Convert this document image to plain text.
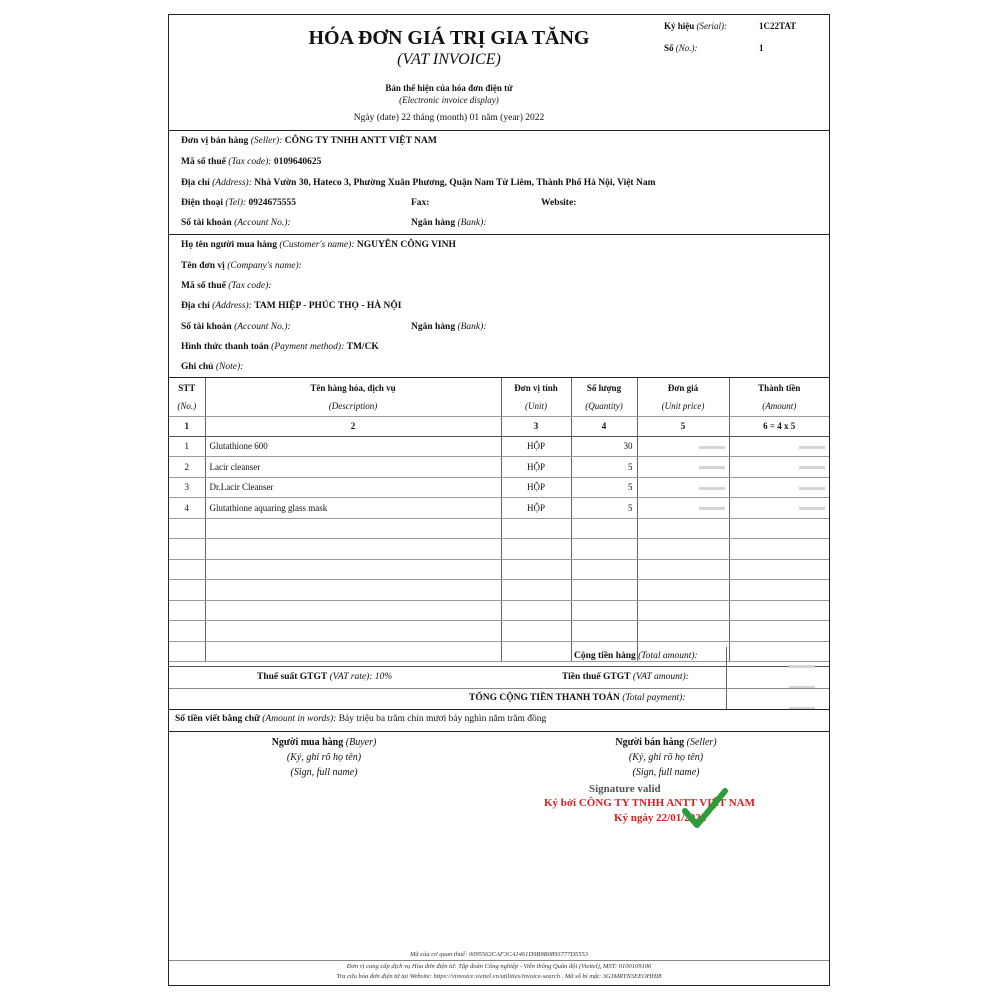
HÓA ĐƠN GIÁ TRỊ GIA TĂNG
(VAT INVOICE)
Bản thể hiện của hóa đơn điện tử
(Electronic invoice display)
Ngày (date) 22 tháng (month) 01 năm (year) 2022
Ký hiệu (Serial):	1C22TAT
Số (No.):	1
Đơn vị bán hàng (Seller): CÔNG TY TNHH ANTT VIỆT NAM
Mã số thuế (Tax code): 0109640625
Địa chỉ (Address): Nhà Vườn 30, Hateco 3, Phường Xuân Phương, Quận Nam Từ Liêm, Thành Phố Hà Nội, Việt Nam
Điện thoại (Tel): 0924675555	Fax:	Website:
Số tài khoản (Account No.):	Ngân hàng (Bank):
Họ tên người mua hàng (Customer's name): NGUYỄN CÔNG VINH
Tên đơn vị (Company's name):
Mã số thuế (Tax code):
Địa chỉ (Address): TAM HIỆP - PHÚC THỌ - HÀ NỘI
Số tài khoản (Account No.):	Ngân hàng (Bank):
Hình thức thanh toán (Payment method): TM/CK
Ghi chú (Note):
STT	Tên hàng hóa, dịch vụ	Đơn vị tính	Số lượng	Đơn giá	Thành tiền
(No.)	(Description)	(Unit)	(Quantity)	(Unit price)	(Amount)
1	2	3	4	5	6 = 4 x 5
1	Glutathione 600	HỘP	30		
2	Lacir cleanser	HỘP	5		
3	Dr.Lacir Cleanser	HỘP	5		
4	Glutathione aquaring glass mask	HỘP	5		

Cộng tiền hàng (Total amount):
Thuế suất GTGT (VAT rate): 10%	Tiền thuế GTGT (VAT amount):
TỔNG CỘNG TIỀN THANH TOÁN (Total payment):
Số tiền viết bằng chữ (Amount in words): Bảy triệu ba trăm chín mươi bảy nghìn năm trăm đồng
Người mua hàng (Buyer)
(Ký, ghi rõ họ tên)
(Sign, full name)
Người bán hàng (Seller)
(Ký, ghi rõ họ tên)
(Sign, full name)
Signature valid
Ký bởi CÔNG TY TNHH ANTT VIỆT NAM
Ký ngày 22/01/2022
Mã của cơ quan thuế: 0095562CAF3CA1461D9B9B0893777D5553
Đơn vị cung cấp dịch vụ Hóa đơn điện tử: Tập đoàn Công nghiệp - Viễn thông Quân đội (Viettel), MST: 0100109106
Tra cứu hóa đơn điện tử tại Website: https://vinvoice.viettel.vn/utilities/invoice-search . Mã số bí mật: 3GJMRYN3EEOHHI8
